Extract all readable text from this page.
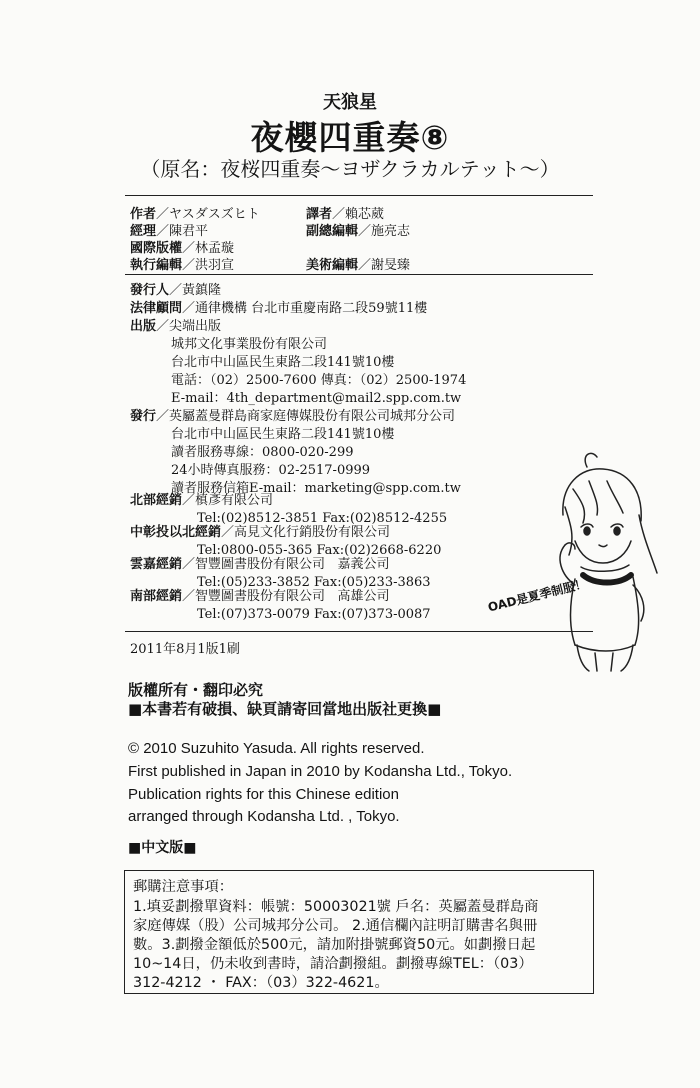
天狼星
夜櫻四重奏⑧
（原名：夜桜四重奏～ヨザクラカルテット～）
作者／ヤスダスズヒト	譯者／賴芯葳
經理／陳君平	副總編輯／施亮志
國際版權／林孟璇
執行編輯／洪羽宣	美術編輯／謝旻臻
發行人／黃鎮隆
法律顧問／通律機構 台北市重慶南路二段59號11樓
出版／尖端出版
城邦文化事業股份有限公司
台北市中山區民生東路二段141號10樓
電話：（02）2500-7600 傳真：（02）2500-1974
E-mail：4th_department@mail2.spp.com.tw
發行／英屬蓋曼群島商家庭傳媒股份有限公司城邦分公司
台北市中山區民生東路二段141號10樓
讀者服務專線：0800-020-299
24小時傳真服務：02-2517-0999
讀者服務信箱E-mail：marketing@spp.com.tw
北部經銷／槙彥有限公司
Tel:(02)8512-3851 Fax:(02)8512-4255
中彰投以北經銷／高見文化行銷股份有限公司
Tel:0800-055-365 Fax:(02)2668-6220
雲嘉經銷／智豐圖書股份有限公司 嘉義公司
Tel:(05)233-3852 Fax:(05)233-3863
南部經銷／智豐圖書股份有限公司 高雄公司
Tel:(07)373-0079 Fax:(07)373-0087
2011年8月1版1刷
版權所有・翻印必究
■本書若有破損、缺頁請寄回當地出版社更換■
© 2010 Suzuhito Yasuda. All rights reserved.
First published in Japan in 2010 by Kodansha Ltd., Tokyo.
Publication rights for this Chinese edition
arranged through Kodansha Ltd. , Tokyo.
■中文版■
郵購注意事項：
1.填妥劃撥單資料：帳號：50003021號 戶名：英屬蓋曼群島商
家庭傳媒（股）公司城邦分公司。 2.通信欄內註明訂購書名與冊
數。3.劃撥金額低於500元，請加附掛號郵資50元。如劃撥日起
10~14日，仍未收到書時，請洽劃撥組。劃撥專線TEL：（03）
312-4212 ・ FAX：（03）322-4621。
OAD是夏季制服！
